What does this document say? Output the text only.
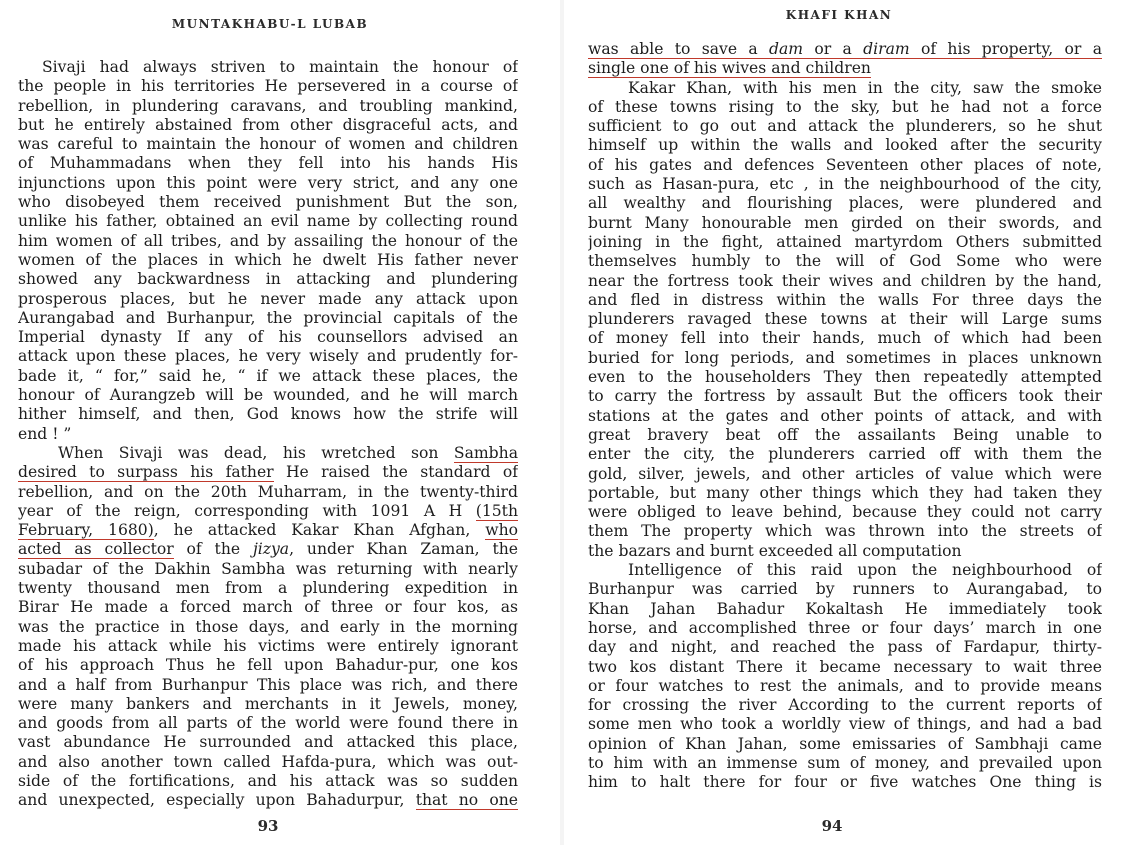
MUNTAKHABU-L LUBAB
Sivaji had always striven to maintain the honour of
the people in his territories He persevered in a course of
rebellion, in plundering caravans, and troubling mankind,
but he entirely abstained from other disgraceful acts, and
was careful to maintain the honour of women and children
of Muhammadans when they fell into his hands His
injunctions upon this point were very strict, and any one
who disobeyed them received punishment But the son,
unlike his father, obtained an evil name by collecting round
him women of all tribes, and by assailing the honour of the
women of the places in which he dwelt His father never
showed any backwardness in attacking and plundering
prosperous places, but he never made any attack upon
Aurangabad and Burhanpur, the provincial capitals of the
Imperial dynasty If any of his counsellors advised an
attack upon these places, he very wisely and prudently for-
bade it, “ for,” said he, “ if we attack these places, the
honour of Aurangzeb will be wounded, and he will march
hither himself, and then, God knows how the strife will
end ! ”
When Sivaji was dead, his wretched son Sambha
desired to surpass his father He raised the standard of
rebellion, and on the 20th Muharram, in the twenty-third
year of the reign, corresponding with 1091 A H (15th
February, 1680), he attacked Kakar Khan Afghan, who
acted as collector of the jizya, under Khan Zaman, the
subadar of the Dakhin Sambha was returning with nearly
twenty thousand men from a plundering expedition in
Birar He made a forced march of three or four kos, as
was the practice in those days, and early in the morning
made his attack while his victims were entirely ignorant
of his approach Thus he fell upon Bahadur-pur, one kos
and a half from Burhanpur This place was rich, and there
were many bankers and merchants in it Jewels, money,
and goods from all parts of the world were found there in
vast abundance He surrounded and attacked this place,
and also another town called Hafda-pura, which was out-
side of the fortifications, and his attack was so sudden
and unexpected, especially upon Bahadurpur, that no one
93
KHAFI KHAN
was able to save a dam or a diram of his property, or a
single one of his wives and children
Kakar Khan, with his men in the city, saw the smoke
of these towns rising to the sky, but he had not a force
sufficient to go out and attack the plunderers, so he shut
himself up within the walls and looked after the security
of his gates and defences Seventeen other places of note,
such as Hasan-pura, etc , in the neighbourhood of the city,
all wealthy and flourishing places, were plundered and
burnt Many honourable men girded on their swords, and
joining in the fight, attained martyrdom Others submitted
themselves humbly to the will of God Some who were
near the fortress took their wives and children by the hand,
and fled in distress within the walls For three days the
plunderers ravaged these towns at their will Large sums
of money fell into their hands, much of which had been
buried for long periods, and sometimes in places unknown
even to the householders They then repeatedly attempted
to carry the fortress by assault But the officers took their
stations at the gates and other points of attack, and with
great bravery beat off the assailants Being unable to
enter the city, the plunderers carried off with them the
gold, silver, jewels, and other articles of value which were
portable, but many other things which they had taken they
were obliged to leave behind, because they could not carry
them The property which was thrown into the streets of
the bazars and burnt exceeded all computation
Intelligence of this raid upon the neighbourhood of
Burhanpur was carried by runners to Aurangabad, to
Khan Jahan Bahadur Kokaltash He immediately took
horse, and accomplished three or four days’ march in one
day and night, and reached the pass of Fardapur, thirty-
two kos distant There it became necessary to wait three
or four watches to rest the animals, and to provide means
for crossing the river According to the current reports of
some men who took a worldly view of things, and had a bad
opinion of Khan Jahan, some emissaries of Sambhaji came
to him with an immense sum of money, and prevailed upon
him to halt there for four or five watches One thing is
94
